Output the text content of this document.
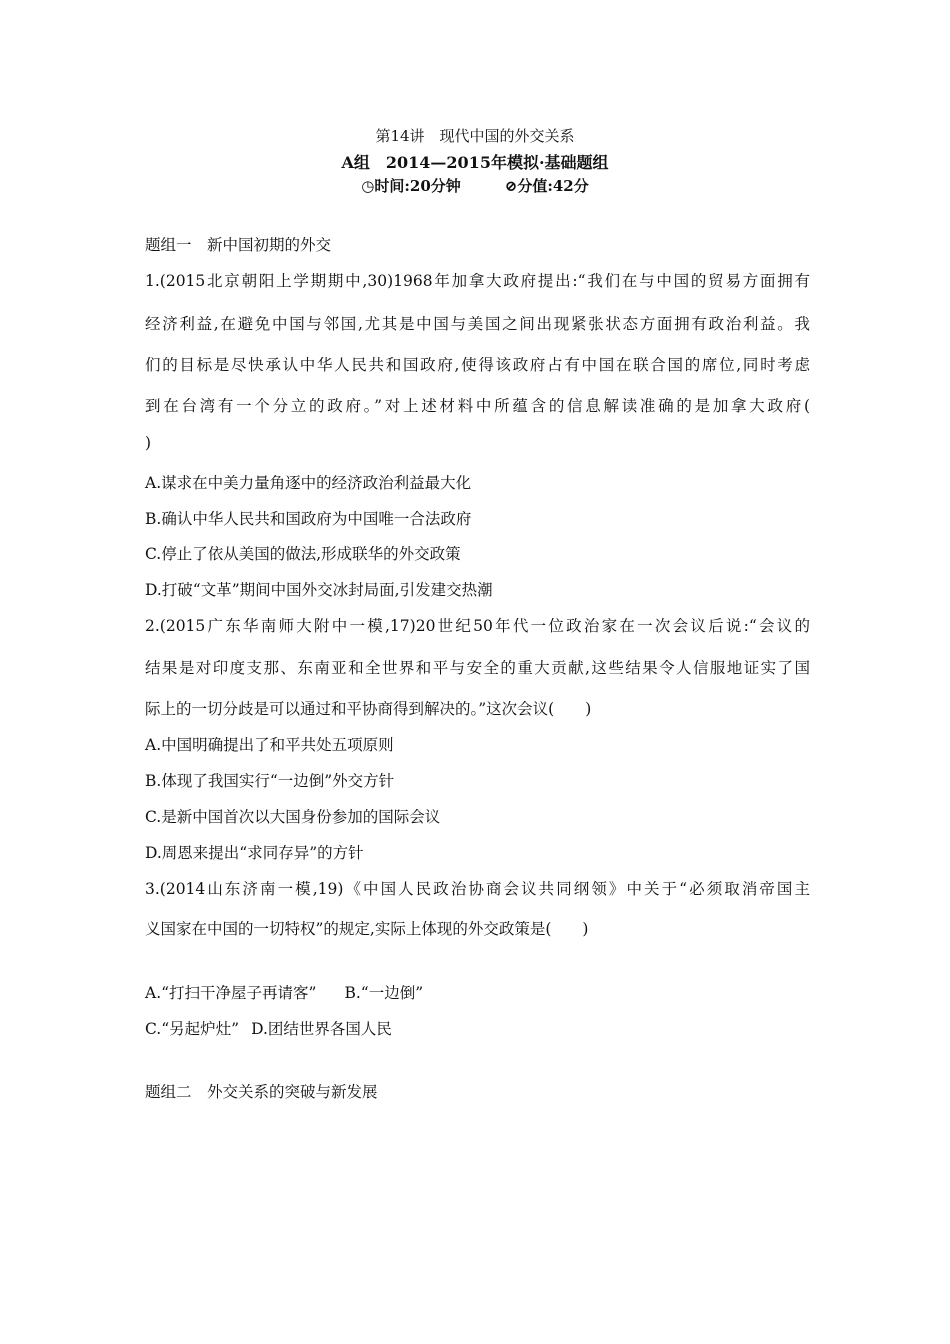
第14讲　现代中国的外交关系
A组　2014—2015年模拟·基础题组
◷时间:20分钟	⊘分值:42分
题组一　新中国初期的外交
1.(2015北京朝阳上学期期中,30)1968年加拿大政府提出:“我们在与中国的贸易方面拥有
经济利益,在避免中国与邻国,尤其是中国与美国之间出现紧张状态方面拥有政治利益。我
们的目标是尽快承认中华人民共和国政府,使得该政府占有中国在联合国的席位,同时考虑
到在台湾有一个分立的政府。”对上述材料中所蕴含的信息解读准确的是加拿大政府(
)
A.谋求在中美力量角逐中的经济政治利益最大化
B.确认中华人民共和国政府为中国唯一合法政府
C.停止了依从美国的做法,形成联华的外交政策
D.打破“文革”期间中国外交冰封局面,引发建交热潮
2.(2015广东华南师大附中一模,17)20世纪50年代一位政治家在一次会议后说:“会议的
结果是对印度支那、东南亚和全世界和平与安全的重大贡献,这些结果令人信服地证实了国
际上的一切分歧是可以通过和平协商得到解决的。”这次会议(　　)
A.中国明确提出了和平共处五项原则
B.体现了我国实行“一边倒”外交方针
C.是新中国首次以大国身份参加的国际会议
D.周恩来提出“求同存异”的方针
3.(2014山东济南一模,19)《中国人民政治协商会议共同纲领》中关于“必须取消帝国主
义国家在中国的一切特权”的规定,实际上体现的外交政策是(　　)
A.“打扫干净屋子再请客” B.“一边倒”
C.“另起炉灶” D.团结世界各国人民
题组二　外交关系的突破与新发展
